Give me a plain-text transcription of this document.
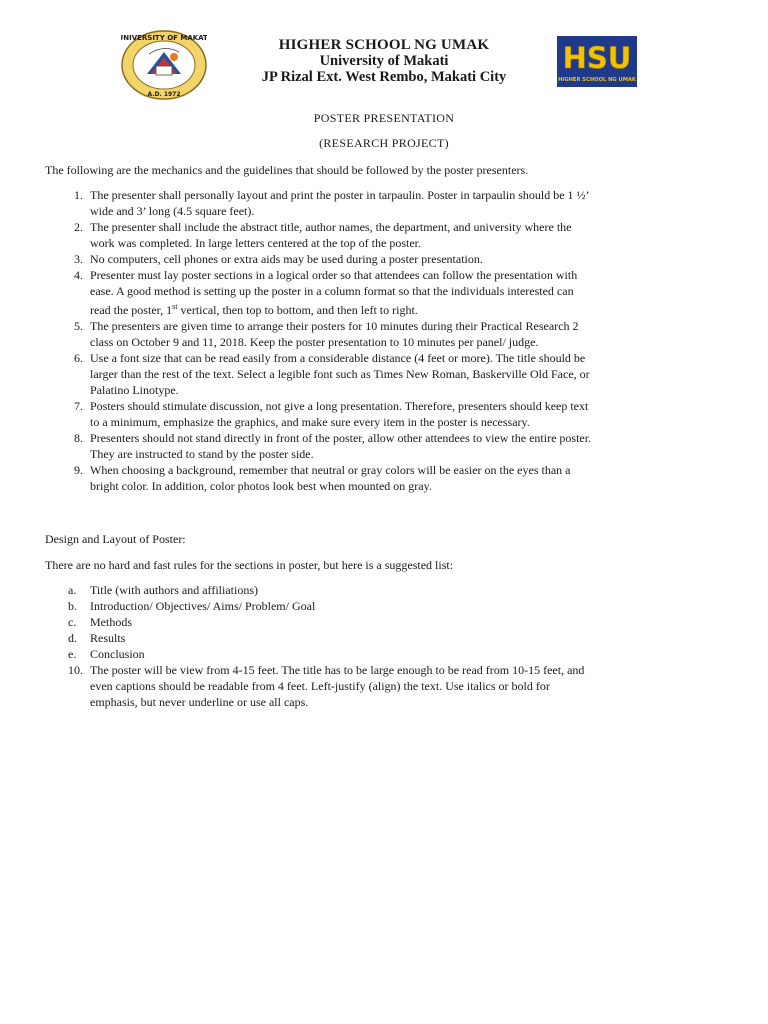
UNIVERSITY OF MAKATI
A.D. 1972
HIGHER SCHOOL NG UMAK
University of Makati
JP Rizal Ext. West Rembo, Makati City
HSU
HIGHER SCHOOL NG UMAK
POSTER PRESENTATION
(RESEARCH PROJECT)
The following are the mechanics and the guidelines that should be followed by the poster presenters.
1. The presenter shall personally layout and print the poster in tarpaulin. Poster in tarpaulin should be 1 ½’
wide and 3’ long (4.5 square feet).
2. The presenter shall include the abstract title, author names, the department, and university where the
work was completed. In large letters centered at the top of the poster.
3. No computers, cell phones or extra aids may be used during a poster presentation.
4. Presenter must lay poster sections in a logical order so that attendees can follow the presentation with
ease. A good method is setting up the poster in a column format so that the individuals interested can
read the poster, 1st vertical, then top to bottom, and then left to right.
5. The presenters are given time to arrange their posters for 10 minutes during their Practical Research 2
class on October 9 and 11, 2018. Keep the poster presentation to 10 minutes per panel/ judge.
6. Use a font size that can be read easily from a considerable distance (4 feet or more). The title should be
larger than the rest of the text. Select a legible font such as Times New Roman, Baskerville Old Face, or
Palatino Linotype.
7. Posters should stimulate discussion, not give a long presentation. Therefore, presenters should keep text
to a minimum, emphasize the graphics, and make sure every item in the poster is necessary.
8. Presenters should not stand directly in front of the poster, allow other attendees to view the entire poster.
They are instructed to stand by the poster side.
9. When choosing a background, remember that neutral or gray colors will be easier on the eyes than a
bright color. In addition, color photos look best when mounted on gray.
Design and Layout of Poster:
There are no hard and fast rules for the sections in poster, but here is a suggested list:
a.	Title (with authors and affiliations)
b.	Introduction/ Objectives/ Aims/ Problem/ Goal
c.	Methods
d.	Results
e.	Conclusion
10. The poster will be view from 4-15 feet. The title has to be large enough to be read from 10-15 feet, and
even captions should be readable from 4 feet. Left-justify (align) the text. Use italics or bold for
emphasis, but never underline or use all caps.
